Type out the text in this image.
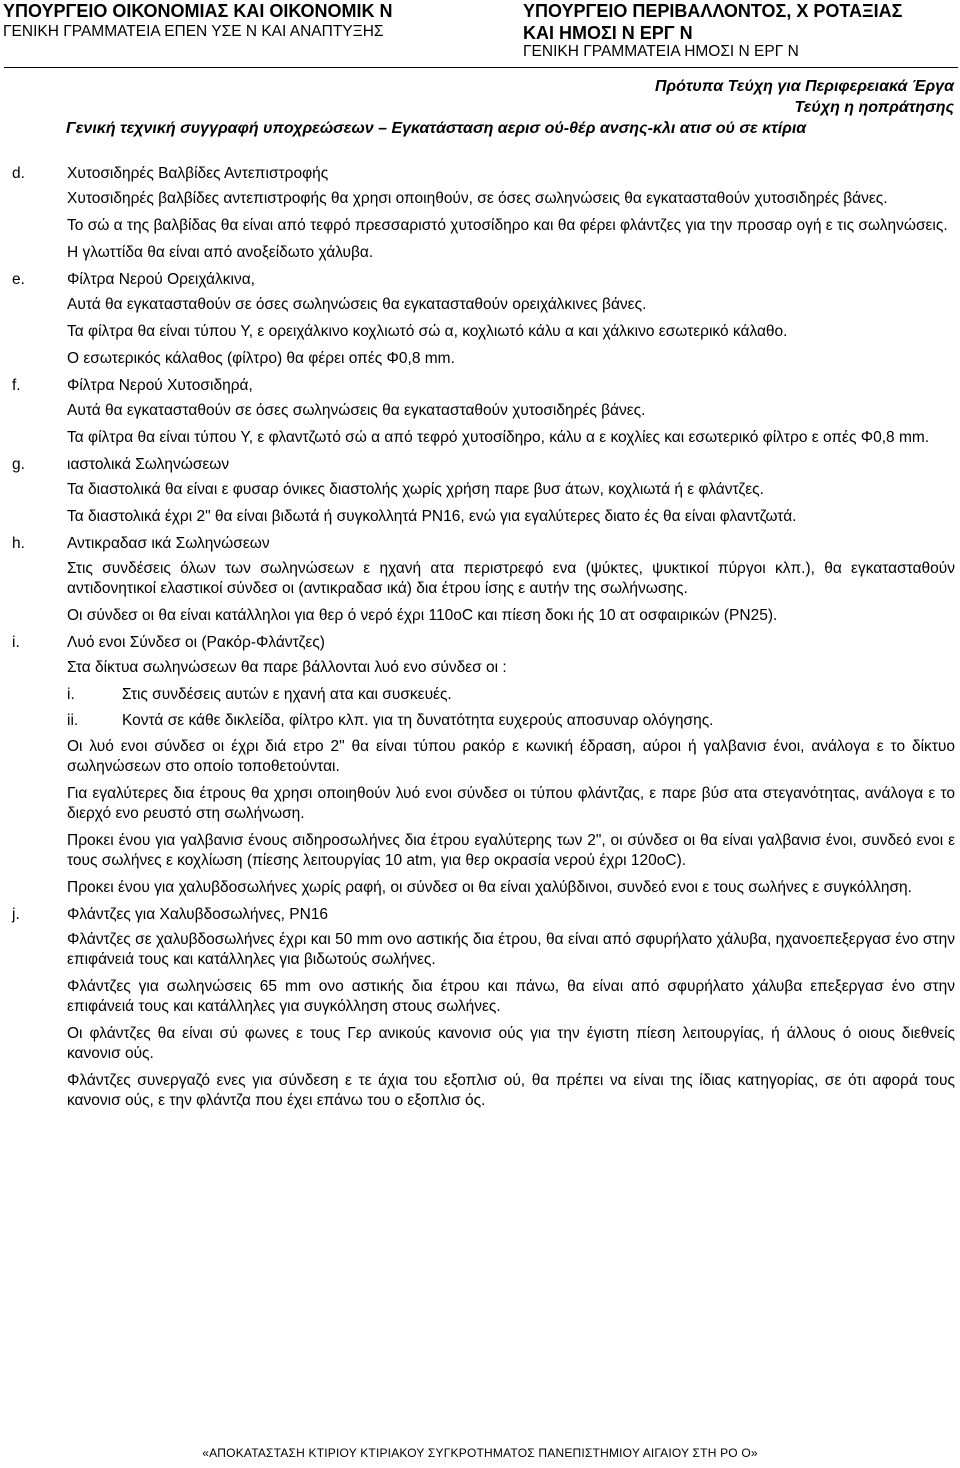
ΥΠΟΥΡΓΕΙΟ ΟΙΚΟΝΟΜΙΑΣ ΚΑΙ ΟΙΚΟΝΟΜΙΚ Ν
ΓΕΝΙΚΗ ΓΡΑΜΜΑΤΕΙΑ ΕΠΕΝ ΥΣΕ Ν ΚΑΙ ΑΝΑΠΤΥΞΗΣ
ΥΠΟΥΡΓΕΙΟ ΠΕΡΙΒΑΛΛΟΝΤΟΣ, Χ ΡΟΤΑΞΙΑΣ
ΚΑΙ ΗΜΟΣΙ Ν ΕΡΓ Ν
ΓΕΝΙΚΗ ΓΡΑΜΜΑΤΕΙΑ ΗΜΟΣΙ Ν ΕΡΓ Ν
Πρότυπα Τεύχη για Περιφερειακά Έργα
Τεύχη η ηοπράτησης
Γενική τεχνική συγγραφή υποχρεώσεων – Εγκατάσταση αερισ ού-θέρ ανσης-κλι ατισ ού σε κτίρια
d.	Χυτοσιδηρές Βαλβίδες Αντεπιστροφής
Χυτοσιδηρές βαλβίδες αντεπιστροφής θα χρησι οποιηθούν, σε όσες σωληνώσεις θα εγκατασταθούν χυτοσιδηρές βάνες.
Το σώ α της βαλβίδας θα είναι από τεφρό πρεσσαριστό χυτοσίδηρο και θα φέρει φλάντζες για την προσαρ ογή ε τις σωληνώσεις.
Η γλωττίδα θα είναι από ανοξείδωτο χάλυβα.
e.	Φίλτρα Νερού Ορειχάλκινα,
Αυτά θα εγκατασταθούν σε όσες σωληνώσεις θα εγκατασταθούν ορειχάλκινες βάνες.
Τα φίλτρα θα είναι τύπου Υ, ε ορειχάλκινο κοχλιωτό σώ α, κοχλιωτό κάλυ α και χάλκινο εσωτερικό κάλαθο.
Ο εσωτερικός κάλαθος (φίλτρο) θα φέρει οπές Φ0,8 mm.
f.	Φίλτρα Νερού Χυτοσιδηρά,
Αυτά θα εγκατασταθούν σε όσες σωληνώσεις θα εγκατασταθούν χυτοσιδηρές βάνες.
Τα φίλτρα θα είναι τύπου Υ, ε φλαντζωτό σώ α από τεφρό χυτοσίδηρο, κάλυ α ε κοχλίες και εσωτερικό φίλτρο ε οπές Φ0,8 mm.
g.	ιαστολικά Σωληνώσεων
Τα διαστολικά θα είναι ε φυσαρ όνικες διαστολής χωρίς χρήση παρε βυσ άτων, κοχλιωτά ή ε φλάντζες.
Τα διαστολικά έχρι 2" θα είναι βιδωτά ή συγκολλητά PN16, ενώ για εγαλύτερες διατο ές θα είναι φλαντζωτά.
h.	Αντικραδασ ικά Σωληνώσεων
Στις συνδέσεις όλων των σωληνώσεων ε ηχανή ατα περιστρεφό ενα (ψύκτες, ψυκτικοί πύργοι κλπ.), θα εγκατασταθούν αντιδονητικοί ελαστικοί σύνδεσ οι (αντικραδασ ικά) δια έτρου ίσης ε αυτήν της σωλήνωσης.
Οι σύνδεσ οι θα είναι κατάλληλοι για θερ ό νερό έχρι 110oC και πίεση δοκι ής 10 ατ οσφαιρικών (PN25).
i.	Λυό ενοι Σύνδεσ οι (Ρακόρ-Φλάντζες)
Στα δίκτυα σωληνώσεων θα παρε βάλλονται λυό ενο σύνδεσ οι :
i.	Στις συνδέσεις αυτών ε ηχανή ατα και συσκευές.
ii.	Κοντά σε κάθε δικλείδα, φίλτρο κλπ. για τη δυνατότητα ευχερούς αποσυναρ ολόγησης.
Οι λυό ενοι σύνδεσ οι έχρι διά ετρο 2" θα είναι τύπου ρακόρ ε κωνική έδραση, αύροι ή γαλβανισ ένοι, ανάλογα ε το δίκτυο σωληνώσεων στο οποίο τοποθετούνται.
Για εγαλύτερες δια έτρους θα χρησι οποιηθούν λυό ενοι σύνδεσ οι τύπου φλάντζας, ε παρε βύσ ατα στεγανότητας, ανάλογα ε το διερχό ενο ρευστό στη σωλήνωση.
Προκει ένου για γαλβανισ ένους σιδηροσωλήνες δια έτρου εγαλύτερης των 2", οι σύνδεσ οι θα είναι γαλβανισ ένοι, συνδεό ενοι ε τους σωλήνες ε κοχλίωση (πίεσης λειτουργίας 10 atm, για θερ οκρασία νερού έχρι 120oC).
Προκει ένου για χαλυβδοσωλήνες χωρίς ραφή, οι σύνδεσ οι θα είναι χαλύβδινοι, συνδεό ενοι ε τους σωλήνες ε συγκόλληση.
j.	Φλάντζες για Χαλυβδοσωλήνες, PN16
Φλάντζες σε χαλυβδοσωλήνες έχρι και 50 mm ονο αστικής δια έτρου, θα είναι από σφυρήλατο χάλυβα, ηχανοεπεξεργασ ένο στην επιφάνειά τους και κατάλληλες για βιδωτούς σωλήνες.
Φλάντζες για σωληνώσεις 65 mm ονο αστικής δια έτρου και πάνω, θα είναι από σφυρήλατο χάλυβα επεξεργασ ένο στην επιφάνειά τους και κατάλληλες για συγκόλληση στους σωλήνες.
Οι φλάντζες θα είναι σύ φωνες ε τους Γερ ανικούς κανονισ ούς για την έγιστη πίεση λειτουργίας, ή άλλους ό οιους διεθνείς κανονισ ούς.
Φλάντζες συνεργαζό ενες για σύνδεση ε τε άχια του εξοπλισ ού, θα πρέπει να είναι της ίδιας κατηγορίας, σε ότι αφορά τους κανονισ ούς, ε την φλάντζα που έχει επάνω του ο εξοπλισ ός.
«ΑΠΟΚΑΤΑΣΤΑΣΗ ΚΤΙΡΙΟΥ ΚΤΙΡΙΑΚΟΥ ΣΥΓΚΡΟΤΗΜΑΤΟΣ ΠΑΝΕΠΙΣΤΗΜΙΟΥ ΑΙΓΑΙΟΥ ΣΤΗ ΡΟ Ο»
